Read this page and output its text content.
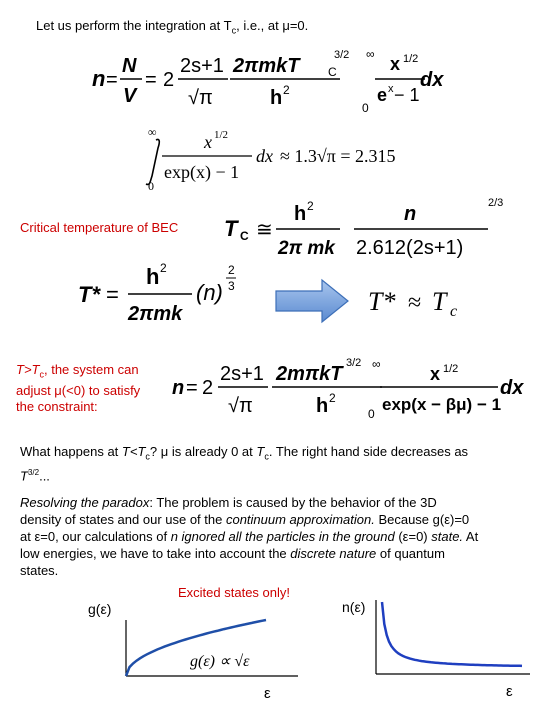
Let us perform the integration at $T_c$, i.e., at μ=0.
n =
N
V
= 2
2s+1
√π
2πmkT C
h 2
3/2 ∞
0
x 1/2
e x − 1
dx
∞
0
x 1/2
exp(x) − 1
dx ≈ 1.3√π = 2.315
Critical temperature of BEC T C ≅
h 2
2π mk
n
2.612(2s+1)
2/3
T* =
h 2
2πmk
(n)
2
3
T* ≈ T c
$T>T_c$, the system can
adjust μ(<0) to satisfy
the constraint:
n = 2
2s+1
√π
2mπkT
h 2
3/2 ∞
0
x 1/2
exp(x − βμ) − 1
dx
What happens at $T<T_c$? μ is already 0 at $T_c$. The right hand side decreases as
$T^{3/2}$...
Resolving the paradox: The problem is caused by the behavior of the 3D
density of states and our use of the continuum approximation. Because g(ε)=0
at ε=0, our calculations of n ignored all the particles in the ground (ε=0) state. At
low energies, we have to take into account the discrete nature of quantum
states.
Excited states only!
g(ε)
g(ε) ∝ √ε
ε
n(ε)
ε
